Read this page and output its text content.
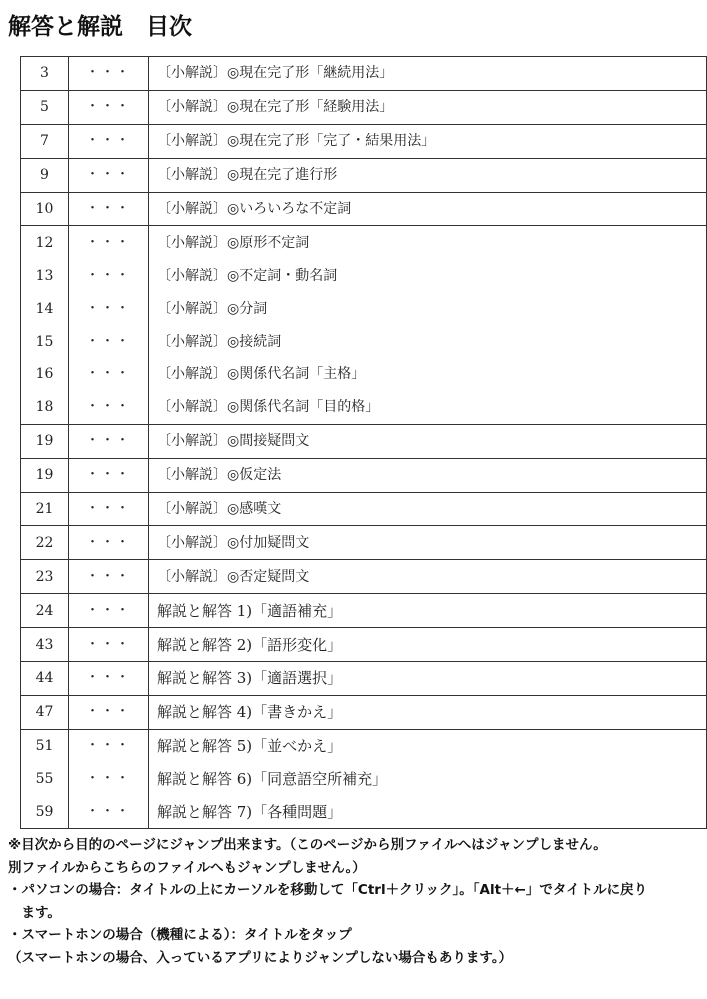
解答と解説　目次
3	・・・	〔小解説〕◎現在完了形「継続用法」
5	・・・	〔小解説〕◎現在完了形「経験用法」
7	・・・	〔小解説〕◎現在完了形「完了・結果用法」
9	・・・	〔小解説〕◎現在完了進行形
10	・・・	〔小解説〕◎いろいろな不定詞
12	・・・	〔小解説〕◎原形不定詞
13	・・・	〔小解説〕◎不定詞・動名詞
14	・・・	〔小解説〕◎分詞
15	・・・	〔小解説〕◎接続詞
16	・・・	〔小解説〕◎関係代名詞「主格」
18	・・・	〔小解説〕◎関係代名詞「目的格」
19	・・・	〔小解説〕◎間接疑問文
19	・・・	〔小解説〕◎仮定法
21	・・・	〔小解説〕◎感嘆文
22	・・・	〔小解説〕◎付加疑問文
23	・・・	〔小解説〕◎否定疑問文
24	・・・	解説と解答 1)「適語補充」
43	・・・	解説と解答 2)「語形変化」
44	・・・	解説と解答 3)「適語選択」
47	・・・	解説と解答 4)「書きかえ」
51	・・・	解説と解答 5)「並べかえ」
55	・・・	解説と解答 6)「同意語空所補充」
59	・・・	解説と解答 7)「各種問題」

※目次から目的のページにジャンプ出来ます。（このページから別ファイルへはジャンプしません。

別ファイルからこちらのファイルへもジャンプしません。）

・パソコンの場合：タイトルの上にカーソルを移動して「Ctrl＋クリック」。「Alt＋←」でタイトルに戻り

　ます。

・スマートホンの場合（機種による）：タイトルをタップ

（スマートホンの場合、入っているアプリによりジャンプしない場合もあります。）
